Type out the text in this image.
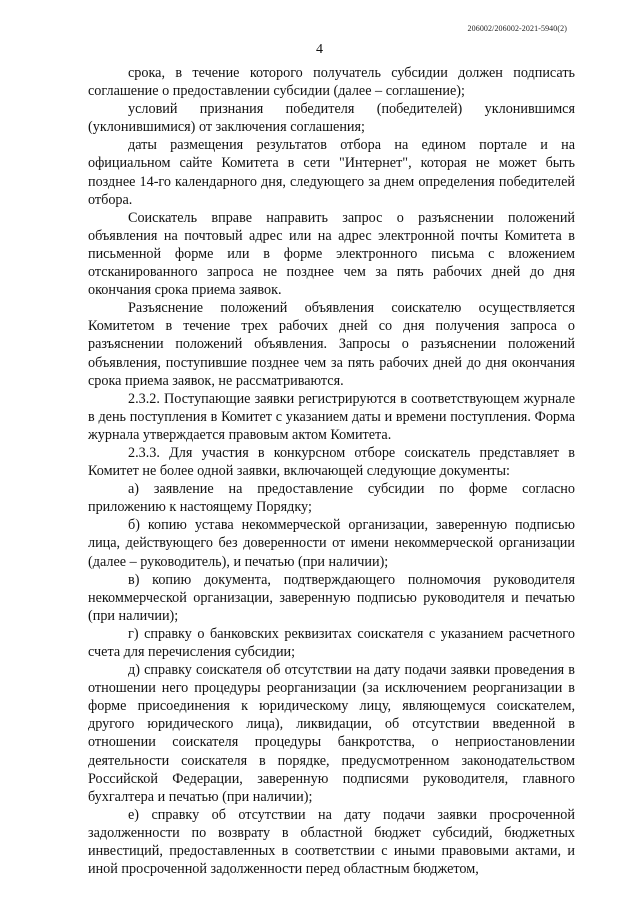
206002/206002-2021-5940(2)
4

срока, в течение которого получатель субсидии должен подписать соглашение о предоставлении субсидии (далее – соглашение);

условий признания победителя (победителей) уклонившимся (уклонившимися) от заключения соглашения;

даты размещения результатов отбора на едином портале и на официальном сайте Комитета в сети "Интернет", которая не может быть позднее 14-го календарного дня, следующего за днем определения победителей отбора.

Соискатель вправе направить запрос о разъяснении положений объявления на почтовый адрес или на адрес электронной почты Комитета в письменной форме или в форме электронного письма с вложением отсканированного запроса не позднее чем за пять рабочих дней до дня окончания срока приема заявок.

Разъяснение положений объявления соискателю осуществляется Комитетом в течение трех рабочих дней со дня получения запроса о разъяснении положений объявления. Запросы о разъяснении положений объявления, поступившие позднее чем за пять рабочих дней до дня окончания срока приема заявок, не рассматриваются.

2.3.2. Поступающие заявки регистрируются в соответствующем журнале в день поступления в Комитет с указанием даты и времени поступления. Форма журнала утверждается правовым актом Комитета.

2.3.3. Для участия в конкурсном отборе соискатель представляет в Комитет не более одной заявки, включающей следующие документы:

а) заявление на предоставление субсидии по форме согласно приложению к настоящему Порядку;

б) копию устава некоммерческой организации, заверенную подписью лица, действующего без доверенности от имени некоммерческой организации (далее – руководитель), и печатью (при наличии);

в) копию документа, подтверждающего полномочия руководителя некоммерческой организации, заверенную подписью руководителя и печатью (при наличии);

г) справку о банковских реквизитах соискателя с указанием расчетного счета для перечисления субсидии;

д) справку соискателя об отсутствии на дату подачи заявки проведения в отношении него процедуры реорганизации (за исключением реорганизации в форме присоединения к юридическому лицу, являющемуся соискателем, другого юридического лица), ликвидации, об отсутствии введенной в отношении соискателя процедуры банкротства, о неприостановлении деятельности соискателя в порядке, предусмотренном законодательством Российской Федерации, заверенную подписями руководителя, главного бухгалтера и печатью (при наличии);

е) справку об отсутствии на дату подачи заявки просроченной задолженности по возврату в областной бюджет субсидий, бюджетных инвестиций, предоставленных в соответствии с иными правовыми актами, и иной просроченной задолженности перед областным бюджетом,
